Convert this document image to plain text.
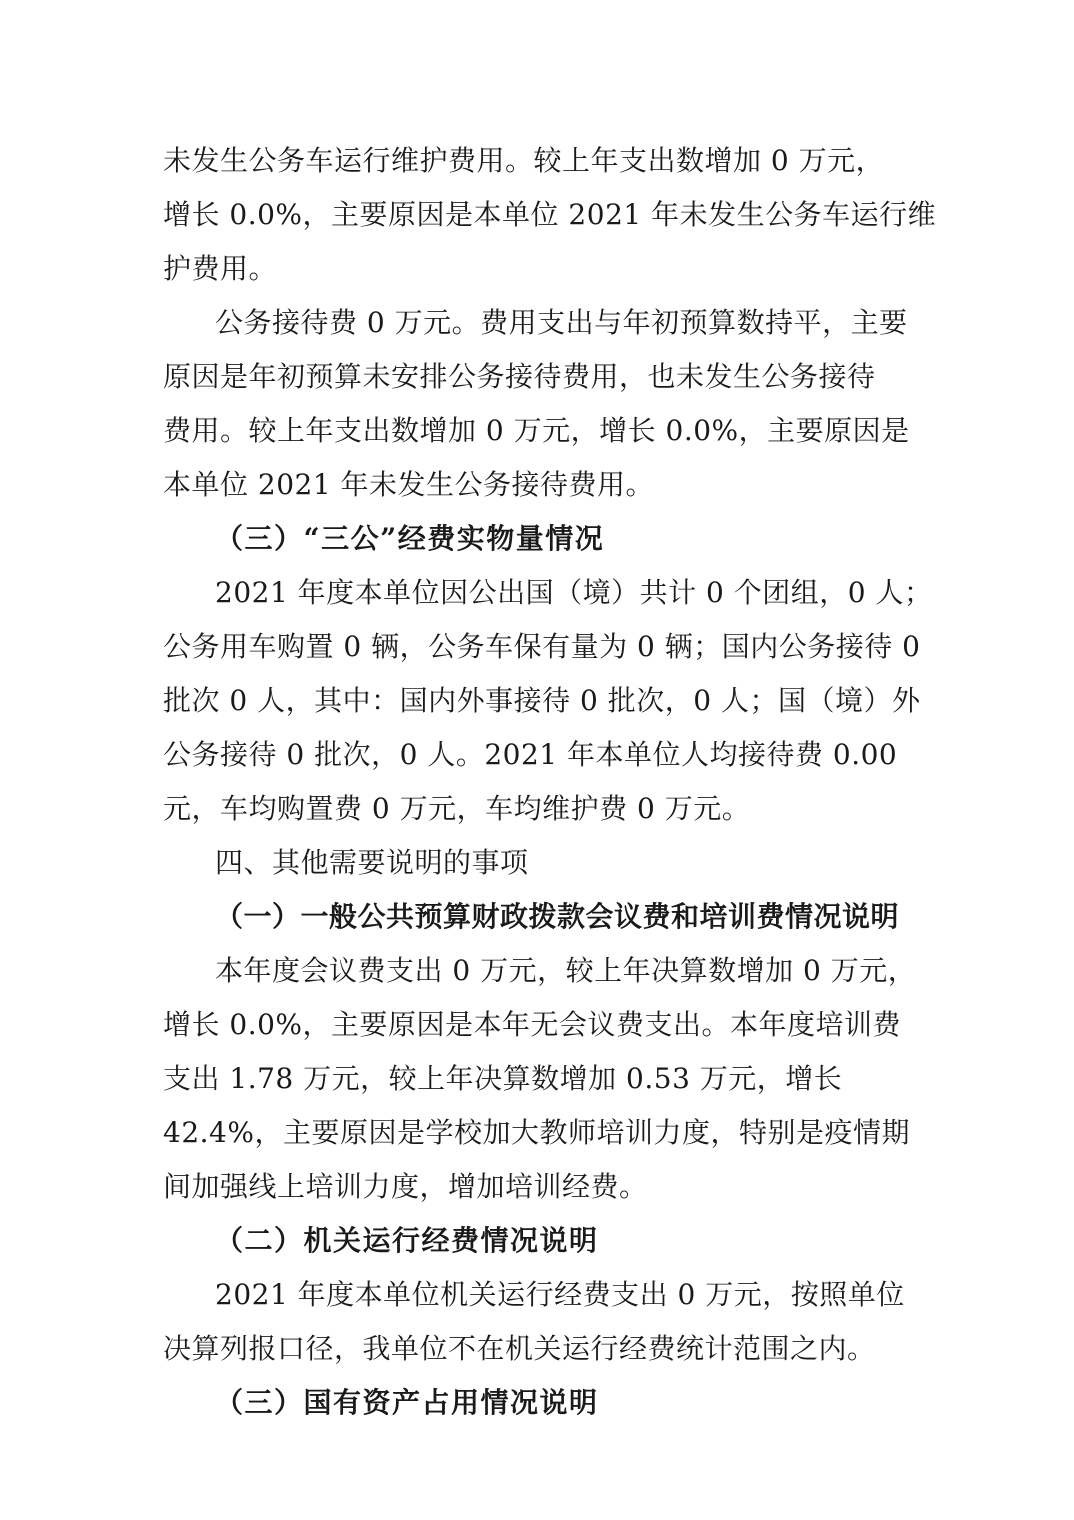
未发生公务车运行维护费用。较上年支出数增加 0 万元，

增长 0.0%，主要原因是本单位 2021 年未发生公务车运行维

护费用。

公务接待费 0 万元。费用支出与年初预算数持平，主要

原因是年初预算未安排公务接待费用，也未发生公务接待

费用。较上年支出数增加 0 万元，增长 0.0%，主要原因是

本单位 2021 年未发生公务接待费用。

（三）“三公”经费实物量情况

2021 年度本单位因公出国（境）共计 0 个团组，0 人；

公务用车购置 0 辆，公务车保有量为 0 辆；国内公务接待 0

批次 0 人，其中：国内外事接待 0 批次，0 人；国（境）外

公务接待 0 批次，0 人。2021 年本单位人均接待费 0.00

元，车均购置费 0 万元，车均维护费 0 万元。

四、其他需要说明的事项

（一）一般公共预算财政拨款会议费和培训费情况说明

本年度会议费支出 0 万元，较上年决算数增加 0 万元，

增长 0.0%，主要原因是本年无会议费支出。本年度培训费

支出 1.78 万元，较上年决算数增加 0.53 万元，增长

42.4%，主要原因是学校加大教师培训力度，特别是疫情期

间加强线上培训力度，增加培训经费。

（二）机关运行经费情况说明

2021 年度本单位机关运行经费支出 0 万元，按照单位

决算列报口径，我单位不在机关运行经费统计范围之内。

（三）国有资产占用情况说明
